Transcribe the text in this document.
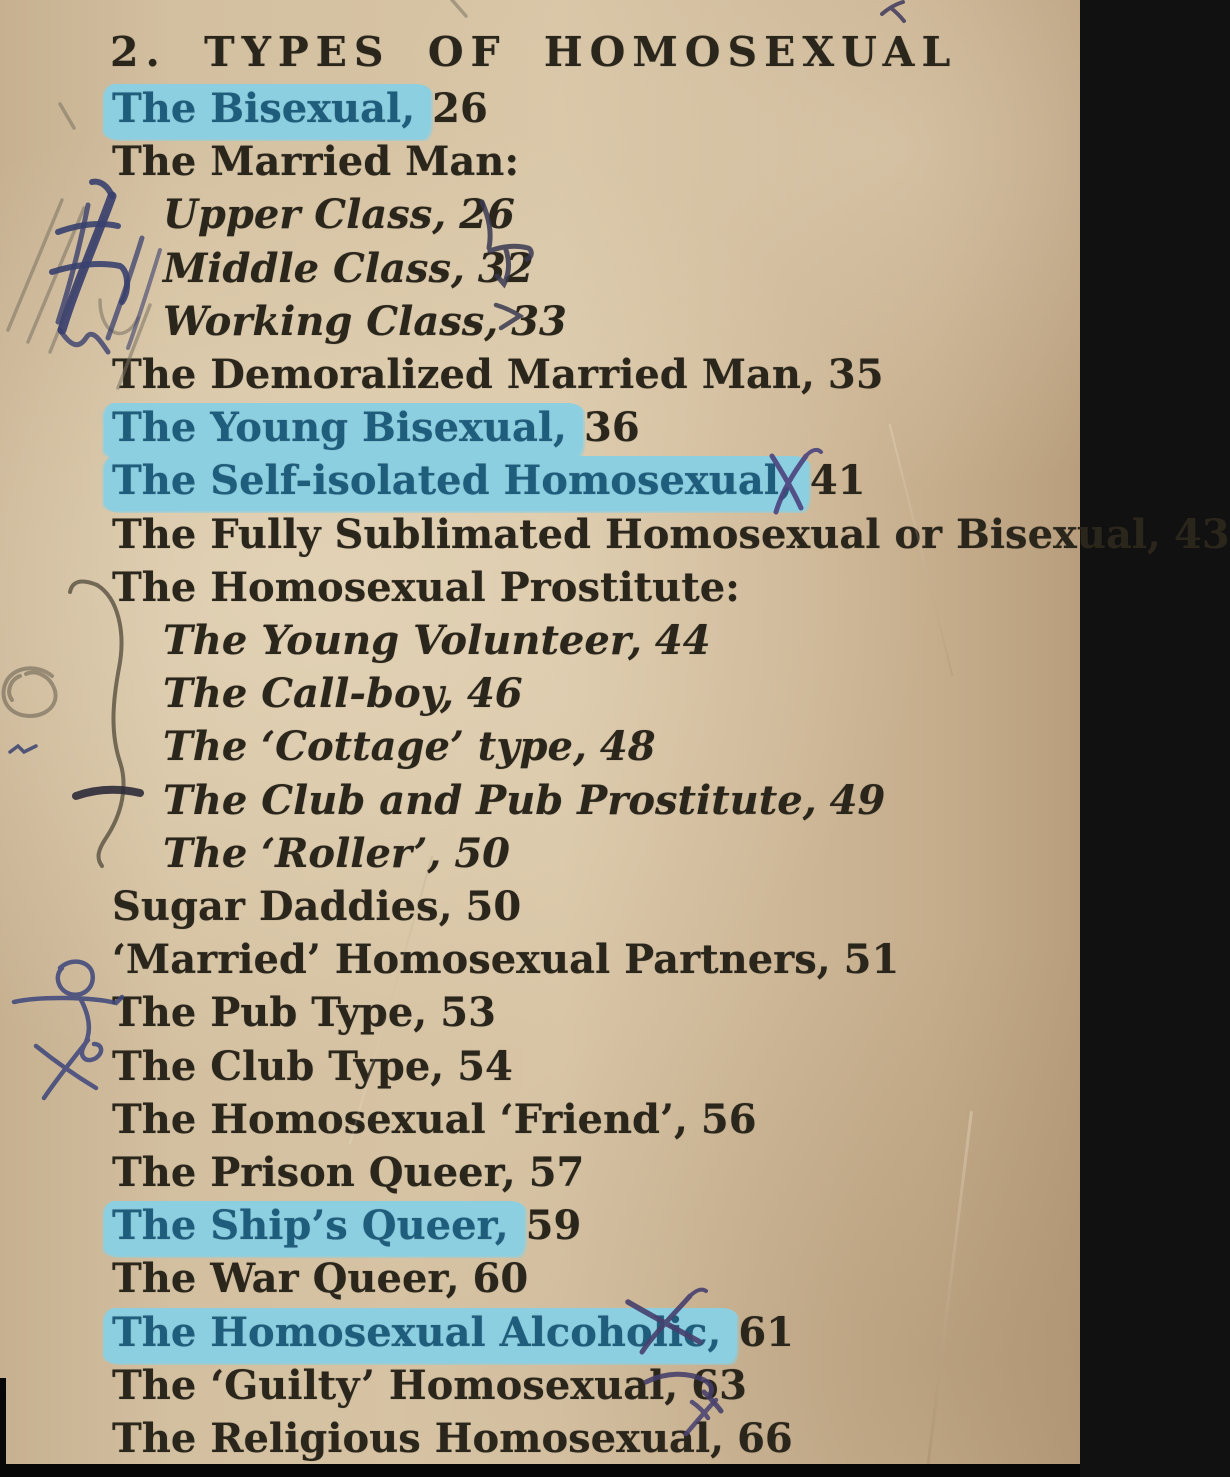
2. TYPES OF HOMOSEXUAL
The Bisexual, 26
The Married Man:
Upper Class, 26
Middle Class, 32
Working Class, 33
The Demoralized Married Man, 35
The Young Bisexual, 36
The Self-isolated Homosexual, 41
The Fully Sublimated Homosexual or Bisexual, 43
The Homosexual Prostitute:
The Young Volunteer, 44
The Call-boy, 46
The ‘Cottage’ type, 48
The Club and Pub Prostitute, 49
The ‘Roller’, 50
Sugar Daddies, 50
‘Married’ Homosexual Partners, 51
The Pub Type, 53
The Club Type, 54
The Homosexual ‘Friend’, 56
The Prison Queer, 57
The Ship’s Queer, 59
The War Queer, 60
The Homosexual Alcoholic, 61
The ‘Guilty’ Homosexual, 63
The Religious Homosexual, 66
